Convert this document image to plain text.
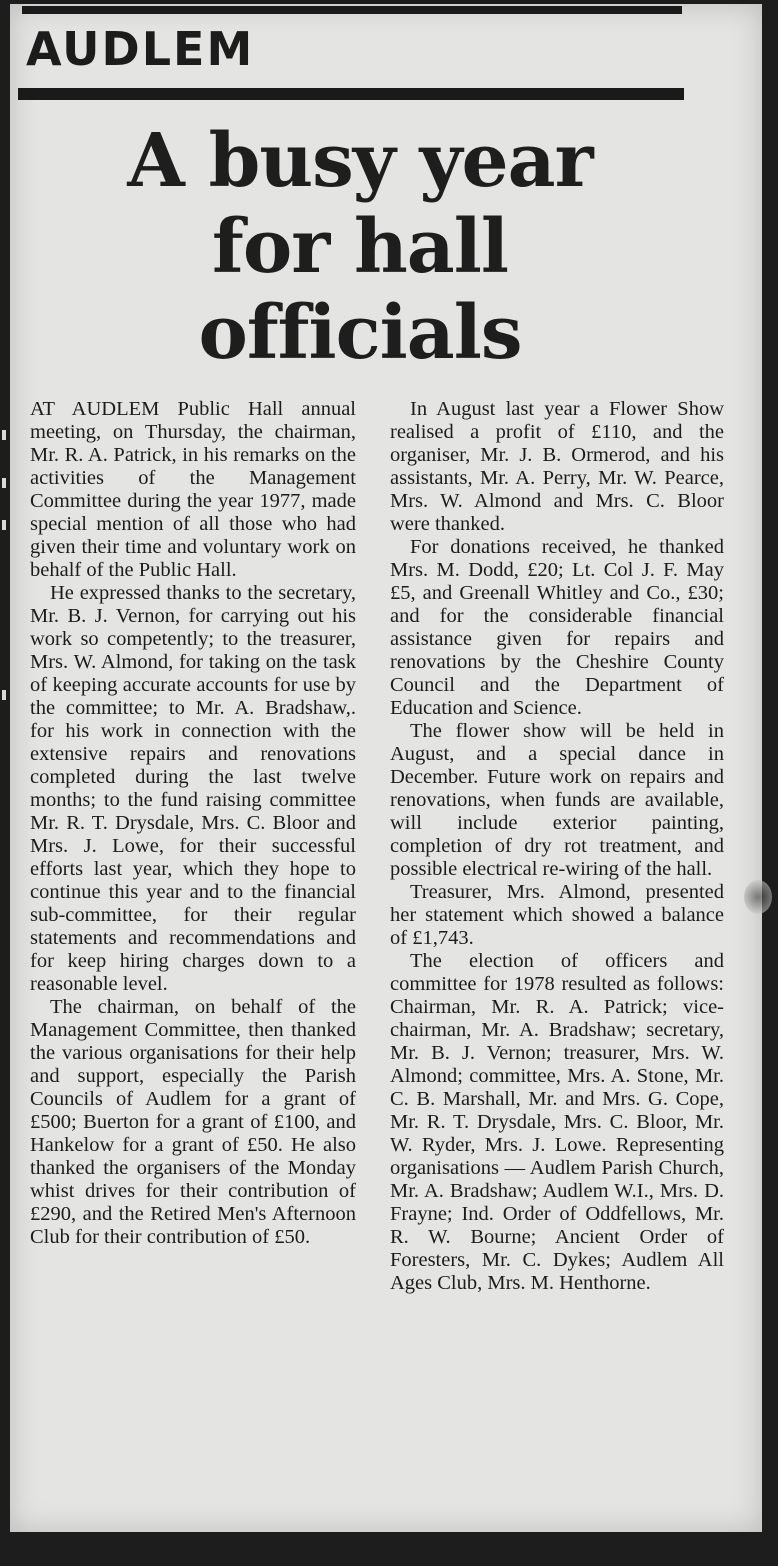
AUDLEM
A busy year
for hall
officials

AT AUDLEM Public Hall annual meeting, on Thursday, the chairman, Mr. R. A. Patrick, in his remarks on the activities of the Management Committee during the year 1977, made special mention of all those who had given their time and voluntary work on behalf of the Public Hall.

He expressed thanks to the secretary, Mr. B. J. Vernon, for carrying out his work so competently; to the treasurer, Mrs. W. Almond, for taking on the task of keeping accurate accounts for use by the committee; to Mr. A. Bradshaw,. for his work in connection with the extensive repairs and renovations completed during the last twelve months; to the fund raising committee Mr. R. T. Drysdale, Mrs. C. Bloor and Mrs. J. Lowe, for their successful efforts last year, which they hope to continue this year and to the financial sub-committee, for their regular statements and recommendations and for keep hiring charges down to a reasonable level.

The chairman, on behalf of the Management Committee, then thanked the various organisations for their help and support, especially the Parish Councils of Audlem for a grant of £500; Buerton for a grant of £100, and Hankelow for a grant of £50. He also thanked the organisers of the Monday whist drives for their contribution of £290, and the Retired Men's Afternoon Club for their contribution of £50.

In August last year a Flower Show realised a profit of £110, and the organiser, Mr. J. B. Ormerod, and his assistants, Mr. A. Perry, Mr. W. Pearce, Mrs. W. Almond and Mrs. C. Bloor were thanked.

For donations received, he thanked Mrs. M. Dodd, £20; Lt. Col J. F. May £5, and Greenall Whitley and Co., £30; and for the considerable financial assistance given for repairs and renovations by the Cheshire County Council and the Department of Education and Science.

The flower show will be held in August, and a special dance in December. Future work on repairs and renovations, when funds are available, will include exterior painting, completion of dry rot treatment, and possible electrical re-wiring of the hall.

Treasurer, Mrs. Almond, presented her statement which showed a balance of £1,743.

The election of officers and committee for 1978 resulted as follows: Chairman, Mr. R. A. Patrick; vice-chairman, Mr. A. Bradshaw; secretary, Mr. B. J. Vernon; treasurer, Mrs. W. Almond; committee, Mrs. A. Stone, Mr. C. B. Marshall, Mr. and Mrs. G. Cope, Mr. R. T. Drysdale, Mrs. C. Bloor, Mr. W. Ryder, Mrs. J. Lowe. Representing organisations — Audlem Parish Church, Mr. A. Bradshaw; Audlem W.I., Mrs. D. Frayne; Ind. Order of Oddfellows, Mr. R. W. Bourne; Ancient Order of Foresters, Mr. C. Dykes; Audlem All Ages Club, Mrs. M. Henthorne.
